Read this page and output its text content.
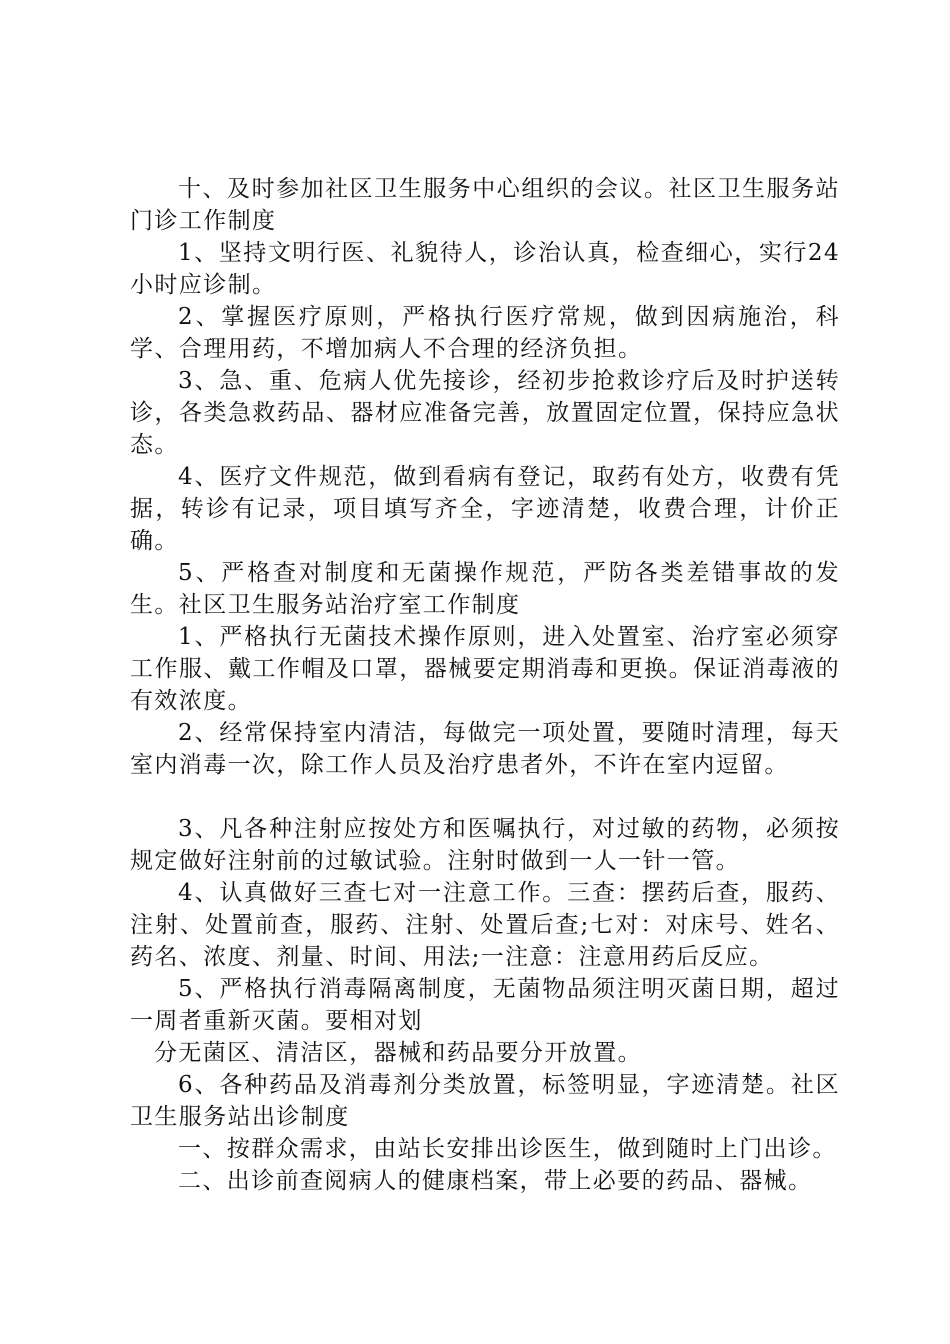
十、及时参加社区卫生服务中心组织的会议。社区卫生服务站门诊工作制度

1、坚持文明行医、礼貌待人，诊治认真，检查细心，实行24小时应诊制。

2、掌握医疗原则，严格执行医疗常规，做到因病施治，科学、合理用药，不增加病人不合理的经济负担。

3、急、重、危病人优先接诊，经初步抢救诊疗后及时护送转诊，各类急救药品、器材应准备完善，放置固定位置，保持应急状态。

4、医疗文件规范，做到看病有登记，取药有处方，收费有凭据，转诊有记录，项目填写齐全，字迹清楚，收费合理，计价正确。

5、严格查对制度和无菌操作规范，严防各类差错事故的发生。社区卫生服务站治疗室工作制度

1、严格执行无菌技术操作原则，进入处置室、治疗室必须穿工作服、戴工作帽及口罩，器械要定期消毒和更换。保证消毒液的有效浓度。

2、经常保持室内清洁，每做完一项处置，要随时清理，每天室内消毒一次，除工作人员及治疗患者外，不许在室内逗留。

3、凡各种注射应按处方和医嘱执行，对过敏的药物，必须按规定做好注射前的过敏试验。注射时做到一人一针一管。

4、认真做好三查七对一注意工作。三查：摆药后查，服药、注射、处置前查，服药、注射、处置后查;七对：对床号、姓名、药名、浓度、剂量、时间、用法;一注意：注意用药后反应。

5、严格执行消毒隔离制度，无菌物品须注明灭菌日期，超过一周者重新灭菌。要相对划

分无菌区、清洁区，器械和药品要分开放置。

6、各种药品及消毒剂分类放置，标签明显，字迹清楚。社区卫生服务站出诊制度

一、按群众需求，由站长安排出诊医生，做到随时上门出诊。

二、出诊前查阅病人的健康档案，带上必要的药品、器械。
